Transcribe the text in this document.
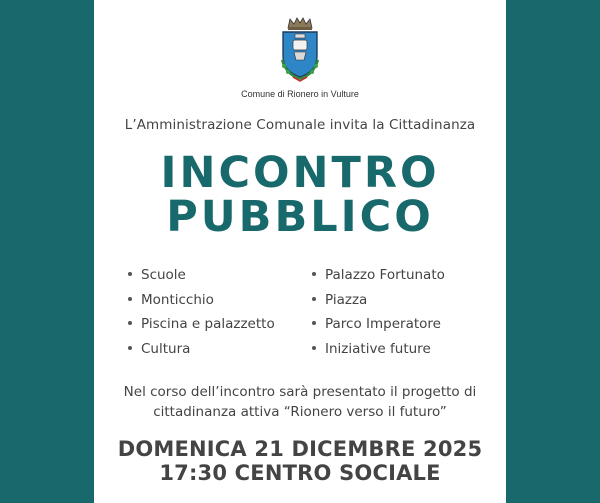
Comune di Rionero in Vulture
L’Amministrazione Comunale invita la Cittadinanza
INCONTRO
PUBBLICO
Scuole
Monticchio
Piscina e palazzetto
Cultura
Palazzo Fortunato
Piazza
Parco Imperatore
Iniziative future
Nel corso dell’incontro sarà presentato il progetto di
cittadinanza attiva “Rionero verso il futuro”
DOMENICA 21 DICEMBRE 2025
17:30 CENTRO SOCIALE
